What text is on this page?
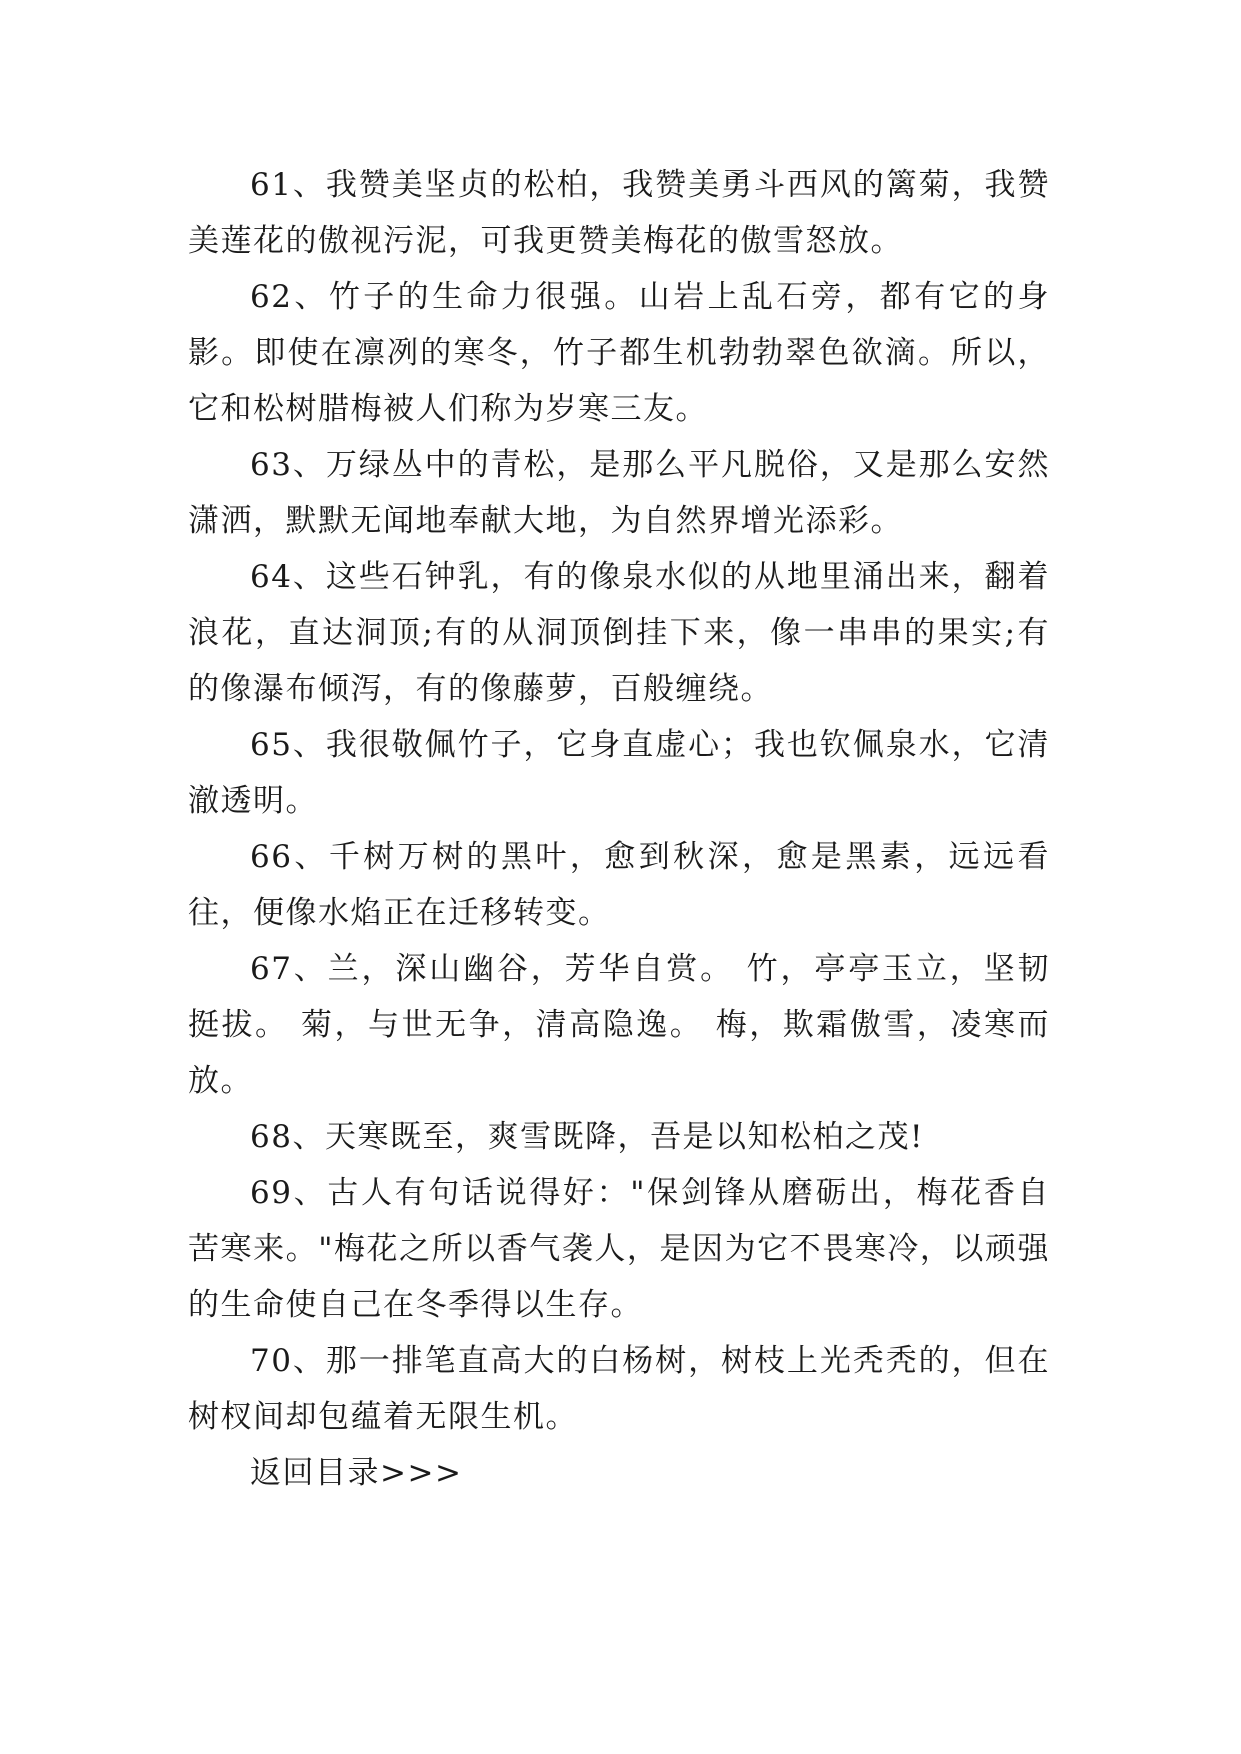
61、我赞美坚贞的松柏，我赞美勇斗西风的篱菊，我赞美莲花的傲视污泥，可我更赞美梅花的傲雪怒放。

62、竹子的生命力很强。山岩上乱石旁，都有它的身影。即使在凛冽的寒冬，竹子都生机勃勃翠色欲滴。所以，它和松树腊梅被人们称为岁寒三友。

63、万绿丛中的青松，是那么平凡脱俗，又是那么安然潇洒，默默无闻地奉献大地，为自然界增光添彩。

64、这些石钟乳，有的像泉水似的从地里涌出来，翻着浪花，直达洞顶;有的从洞顶倒挂下来，像一串串的果实;有的像瀑布倾泻，有的像藤萝，百般缠绕。

65、我很敬佩竹子，它身直虚心；我也钦佩泉水，它清澈透明。

66、千树万树的黑叶，愈到秋深，愈是黑素，远远看往，便像水焰正在迁移转变。

67、兰，深山幽谷，芳华自赏。 竹，亭亭玉立，坚韧挺拔。 菊，与世无争，清高隐逸。 梅，欺霜傲雪，凌寒而放。

68、天寒既至，爽雪既降，吾是以知松柏之茂!

69、古人有句话说得好："保剑锋从磨砺出，梅花香自苦寒来。"梅花之所以香气袭人，是因为它不畏寒冷，以顽强的生命使自己在冬季得以生存。

70、那一排笔直高大的白杨树，树枝上光秃秃的，但在树杈间却包蕴着无限生机。

返回目录>>>
